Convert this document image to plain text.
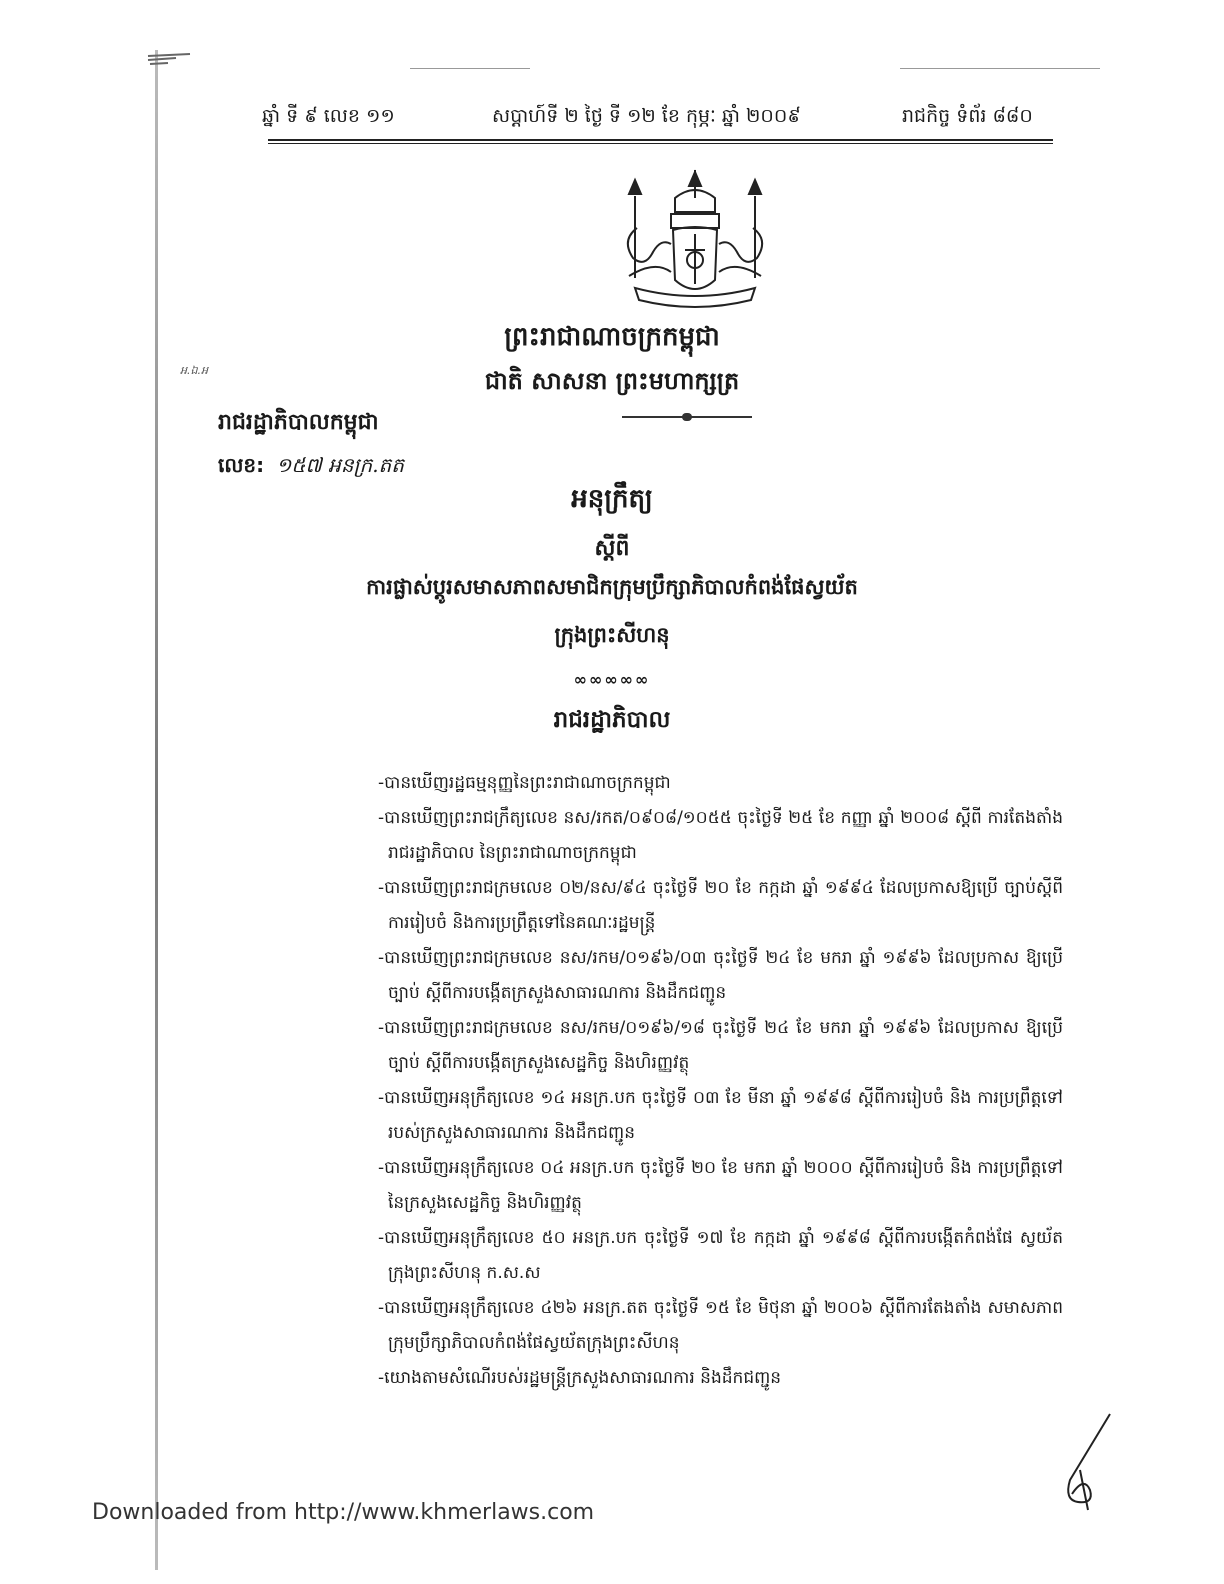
ឆ្នាំ ទី ៩ លេខ ១១	សប្ដាហ៍ទី ២ ថ្ងៃ ទី ១២ ខែ កុម្ភៈ ឆ្នាំ ២០០៩	រាជកិច្ច ទំព័រ ៨៨០
ព្រះរាជាណាចក្រកម្ពុជា
ជាតិ សាសនា ព្រះមហាក្សត្រ
អ.ឯ.អ
រាជរដ្ឋាភិបាលកម្ពុជា
លេខ: ១៥៧ អនក្រ.តត
អនុក្រឹត្យ
ស្ដីពី
ការផ្លាស់ប្ដូរសមាសភាពសមាជិកក្រុមប្រឹក្សាភិបាលកំពង់ផែស្វយ័ត
ក្រុងព្រះសីហនុ
∞∞∞∞∞
រាជរដ្ឋាភិបាល

-បានឃើញរដ្ឋធម្មនុញ្ញនៃព្រះរាជាណាចក្រកម្ពុជា

-បានឃើញព្រះរាជក្រឹត្យលេខ នស/រកត/០៩០៨/១០៥៥ ចុះថ្ងៃទី ២៥ ខែ កញ្ញា ឆ្នាំ ២០០៨ ស្ដីពី ការតែងតាំងរាជរដ្ឋាភិបាល នៃព្រះរាជាណាចក្រកម្ពុជា

-បានឃើញព្រះរាជក្រមលេខ ០២/នស/៩៤ ចុះថ្ងៃទី ២០ ខែ កក្កដា ឆ្នាំ ១៩៩៤ ដែលប្រកាសឱ្យប្រើ ច្បាប់ស្ដីពីការរៀបចំ និងការប្រព្រឹត្តទៅនៃគណៈរដ្ឋមន្ត្រី

-បានឃើញព្រះរាជក្រមលេខ នស/រកម/០១៩៦/០៣ ចុះថ្ងៃទី ២៤ ខែ មករា ឆ្នាំ ១៩៩៦ ដែលប្រកាស ឱ្យប្រើច្បាប់ ស្ដីពីការបង្កើតក្រសួងសាធារណការ និងដឹកជញ្ជូន

-បានឃើញព្រះរាជក្រមលេខ នស/រកម/០១៩៦/១៨ ចុះថ្ងៃទី ២៤ ខែ មករា ឆ្នាំ ១៩៩៦ ដែលប្រកាស ឱ្យប្រើច្បាប់ ស្ដីពីការបង្កើតក្រសួងសេដ្ឋកិច្ច និងហិរញ្ញវត្ថុ

-បានឃើញអនុក្រឹត្យលេខ ១៤ អនក្រ.បក ចុះថ្ងៃទី ០៣ ខែ មីនា ឆ្នាំ ១៩៩៨ ស្ដីពីការរៀបចំ និង ការប្រព្រឹត្តទៅរបស់ក្រសួងសាធារណការ និងដឹកជញ្ជូន

-បានឃើញអនុក្រឹត្យលេខ ០៤ អនក្រ.បក ចុះថ្ងៃទី ២០ ខែ មករា ឆ្នាំ ២០០០ ស្ដីពីការរៀបចំ និង ការប្រព្រឹត្តទៅនៃក្រសួងសេដ្ឋកិច្ច និងហិរញ្ញវត្ថុ

-បានឃើញអនុក្រឹត្យលេខ ៥០ អនក្រ.បក ចុះថ្ងៃទី ១៧ ខែ កក្កដា ឆ្នាំ ១៩៩៨ ស្ដីពីការបង្កើតកំពង់ផែ ស្វយ័តក្រុងព្រះសីហនុ ក.ស.ស

-បានឃើញអនុក្រឹត្យលេខ ៤២៦ អនក្រ.តត ចុះថ្ងៃទី ១៥ ខែ មិថុនា ឆ្នាំ ២០០៦ ស្ដីពីការតែងតាំង សមាសភាពក្រុមប្រឹក្សាភិបាលកំពង់ផែស្វយ័តក្រុងព្រះសីហនុ

-យោងតាមសំណើរបស់រដ្ឋមន្ត្រីក្រសួងសាធារណការ និងដឹកជញ្ជូន

Downloaded from http://www.khmerlaws.com
